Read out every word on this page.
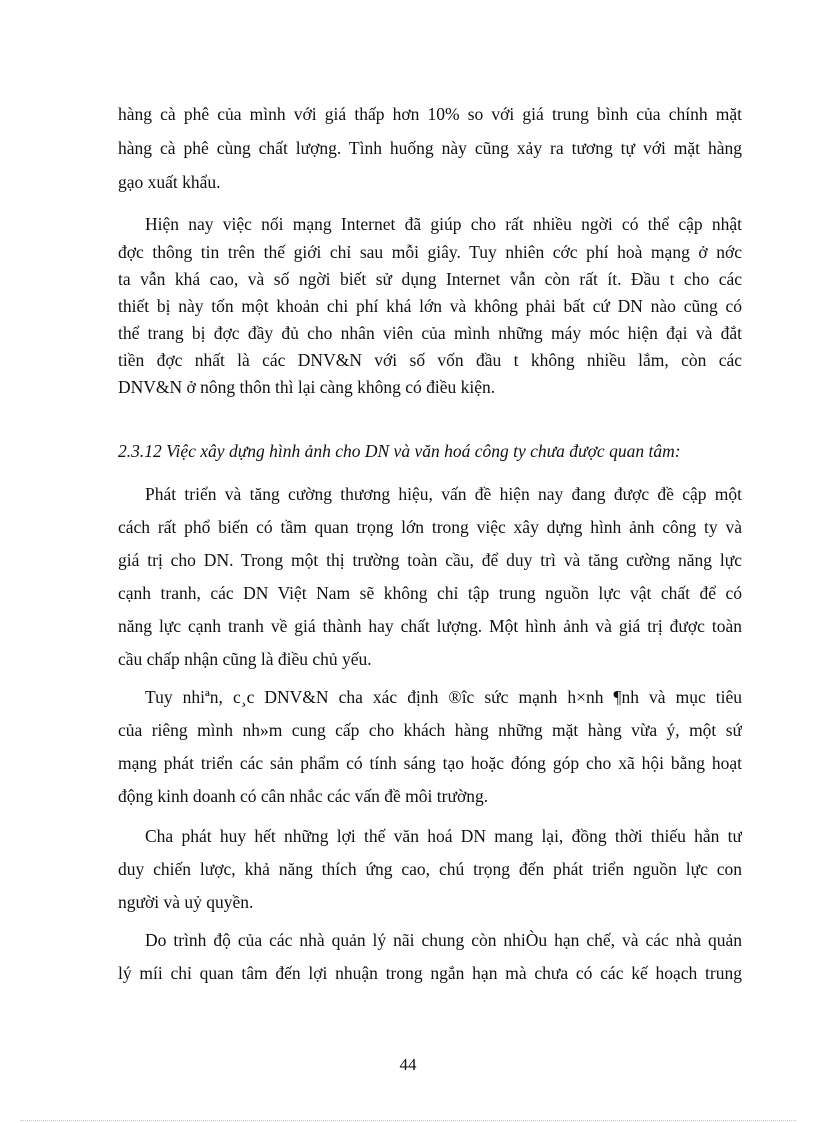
hàng cà phê của mình với giá thấp hơn 10% so với giá trung bình của chính mặt
hàng cà phê cùng chất lượng. Tình huống này cũng xảy ra tương tự với mặt hàng
gạo xuất khẩu.
Hiện nay việc nối mạng Internet đã giúp cho rất nhiều ngời có thể cập nhật
đợc thông tin trên thế giới chỉ sau mỗi giây. Tuy nhiên cớc phí hoà mạng ở nớc
ta vẫn khá cao, và số ngời biết sử dụng Internet vẫn còn rất ít. Đầu t cho các
thiết bị này tốn một khoản chi phí khá lớn và không phải bất cứ DN nào cũng có
thể trang bị đợc đầy đủ cho nhân viên của mình những máy móc hiện đại và đắt
tiền đợc nhất là các DNV&N với số vốn đầu t không nhiều lắm, còn các
DNV&N ở nông thôn thì lại càng không có điều kiện.
2.3.12 Việc xây dựng hình ảnh cho DN và văn hoá công ty chưa được quan tâm:
Phát triển và tăng cường thương hiệu, vấn đề hiện nay đang được đề cập một
cách rất phổ biến có tầm quan trọng lớn trong việc xây dựng hình ảnh công ty và
giá trị cho DN. Trong một thị trường toàn cầu, để duy trì và tăng cường năng lực
cạnh tranh, các DN Việt Nam sẽ không chỉ tập trung nguồn lực vật chất để có
năng lực cạnh tranh về giá thành hay chất lượng. Một hình ảnh và giá trị được toàn
cầu chấp nhận cũng là điều chủ yếu.
Tuy nhiªn, c¸c DNV&N cha xác định ®îc sức mạnh h×nh ¶nh và mục tiêu
của riêng mình nh»m cung cấp cho khách hàng những mặt hàng vừa ý, một sứ
mạng phát triển các sản phẩm có tính sáng tạo hoặc đóng góp cho xã hội bằng hoạt
động kinh doanh có cân nhắc các vấn đề môi trường.
Cha phát huy hết những lợi thế văn hoá DN mang lại, đồng thời thiếu hẳn tư
duy chiến lược, khả năng thích ứng cao, chú trọng đến phát triển nguồn lực con
người và uỷ quyền.
Do trình độ của các nhà quản lý nãi chung còn nhiÒu hạn chế, và các nhà quản
lý míi chỉ quan tâm đến lợi nhuận trong ngắn hạn mà chưa có các kế hoạch trung
44
